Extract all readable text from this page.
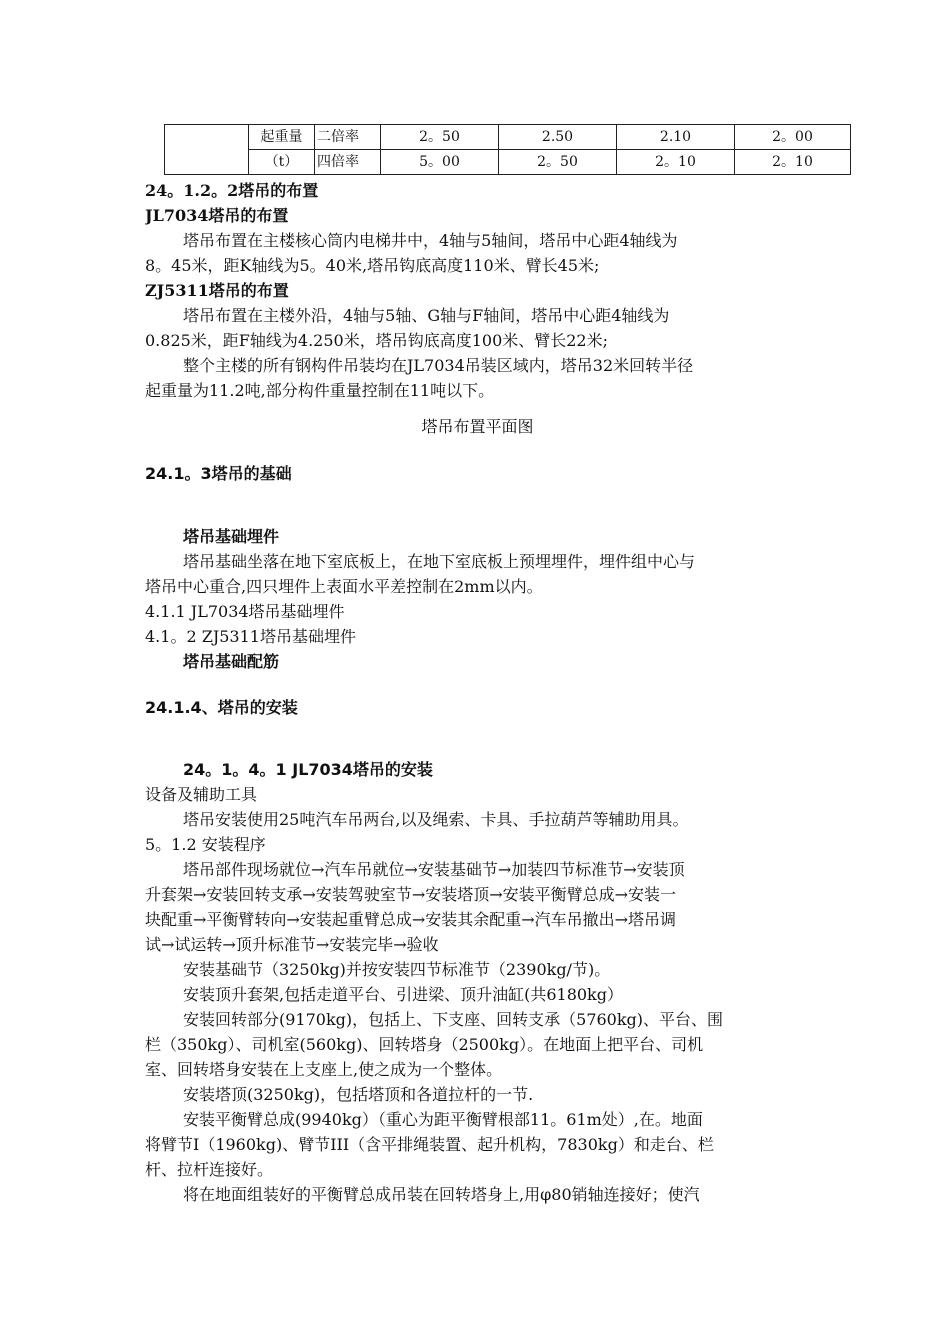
	起重量	二倍率	2。50	2.50	2.10	2。00
	（t）	四倍率	5。00	2。50	2。10	2。10
24。1.2。2塔吊的布置
JL7034塔吊的布置
塔吊布置在主楼核心筒内电梯井中，4轴与5轴间，塔吊中心距4轴线为
8。45米，距K轴线为5。40米,塔吊钩底高度110米、臂长45米;
ZJ5311塔吊的布置
塔吊布置在主楼外沿，4轴与5轴、G轴与F轴间，塔吊中心距4轴线为
0.825米，距F轴线为4.250米，塔吊钩底高度100米、臂长22米;
整个主楼的所有钢构件吊装均在JL7034吊装区域内，塔吊32米回转半径
起重量为11.2吨,部分构件重量控制在11吨以下。
塔吊布置平面图
24.1。3塔吊的基础
塔吊基础埋件
塔吊基础坐落在地下室底板上，在地下室底板上预埋埋件，埋件组中心与
塔吊中心重合,四只埋件上表面水平差控制在2mm以内。
4.1.1 JL7034塔吊基础埋件
4.1。2 ZJ5311塔吊基础埋件
塔吊基础配筋
24.1.4、塔吊的安装
24。1。4。1 JL7034塔吊的安装
设备及辅助工具
塔吊安装使用25吨汽车吊两台,以及绳索、卡具、手拉葫芦等辅助用具。
5。1.2 安装程序
塔吊部件现场就位→汽车吊就位→安装基础节→加装四节标准节→安装顶
升套架→安装回转支承→安装驾驶室节→安装塔顶→安装平衡臂总成→安装一
块配重→平衡臂转向→安装起重臂总成→安装其余配重→汽车吊撤出→塔吊调
试→试运转→顶升标准节→安装完毕→验收
安装基础节（3250kg)并按安装四节标准节（2390kg/节)。
安装顶升套架,包括走道平台、引进梁、顶升油缸(共6180kg）
安装回转部分(9170kg)，包括上、下支座、回转支承（5760kg)、平台、围
栏（350kg）、司机室(560kg)、回转塔身（2500kg）。在地面上把平台、司机
室、回转塔身安装在上支座上,使之成为一个整体。
安装塔顶(3250kg)，包括塔顶和各道拉杆的一节.
安装平衡臂总成(9940kg）（重心为距平衡臂根部11。61m处）,在。地面
将臂节I（1960kg)、臂节III（含平排绳装置、起升机构，7830kg）和走台、栏
杆、拉杆连接好。
将在地面组装好的平衡臂总成吊装在回转塔身上,用φ80销轴连接好；使汽
